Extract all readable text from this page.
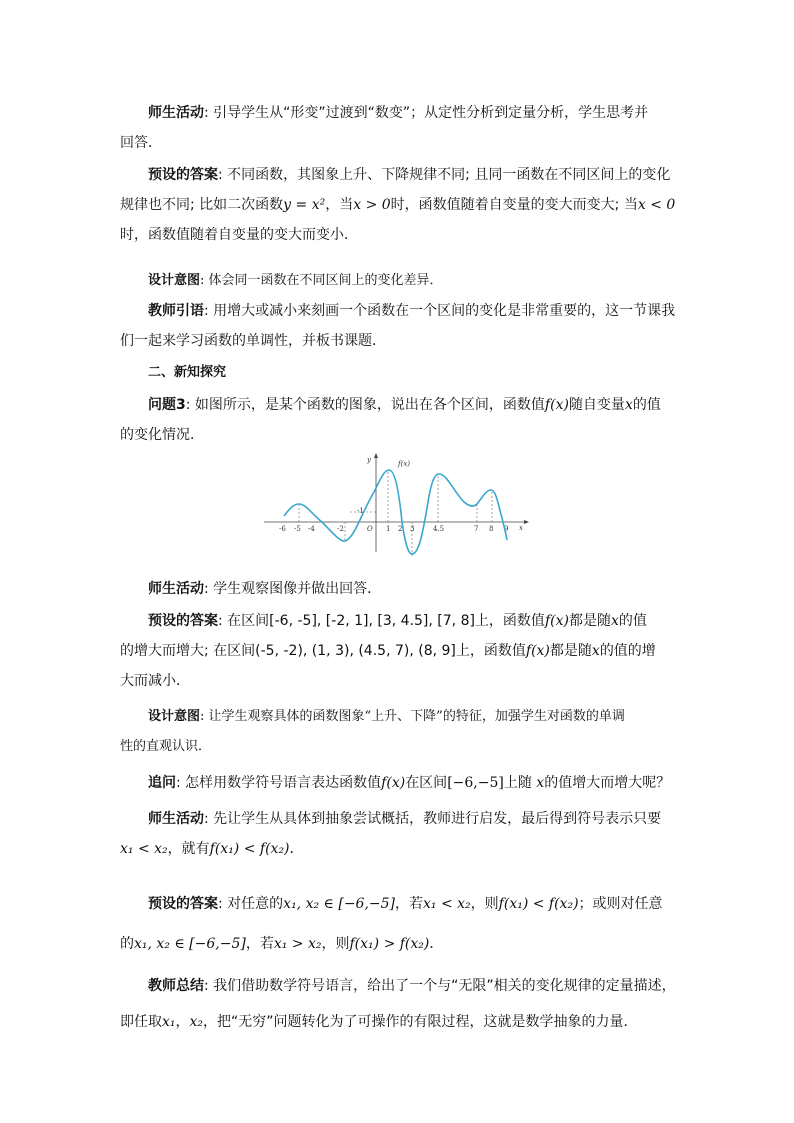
师生活动: 引导学生从“形变”过渡到“数变”；从定性分析到定量分析，学生思考并
回答．

预设的答案: 不同函数，其图象上升、下降规律不同; 且同一函数在不同区间上的变化
规律也不同; 比如二次函数y = x²，当x > 0时，函数值随着自变量的变大而变大; 当x < 0
时，函数值随着自变量的变大而变小．

设计意图: 体会同一函数在不同区间上的变化差异．

教师引语: 用增大或减小来刻画一个函数在一个区间的变化是非常重要的，这一节课我
们一起来学习函数的单调性，并板书课题．

二、新知探究

问题3: 如图所示，是某个函数的图象，说出在各个区间，函数值f(x)随自变量x的值
的变化情况．

y
x
f(x)
O
-1
-6 -5 -4	-2	1 2 3	4.5	7 8 9

师生活动: 学生观察图像并做出回答．

预设的答案: 在区间[-6, -5], [-2, 1], [3, 4.5], [7, 8]上，函数值f(x)都是随x的值
的增大而增大; 在区间(-5, -2), (1, 3), (4.5, 7), (8, 9]上，函数值f(x)都是随x的值的增
大而减小．

设计意图: 让学生观察具体的函数图象“上升、下降”的特征，加强学生对函数的单调
性的直观认识．

追问: 怎样用数学符号语言表达函数值f(x)在区间[−6,−5]上随 x的值增大而增大呢？

师生活动: 先让学生从具体到抽象尝试概括，教师进行启发，最后得到符号表示只要
x₁ < x₂，就有f(x₁) < f(x₂)．

预设的答案: 对任意的x₁, x₂ ∈ [−6,−5]，若x₁ < x₂，则f(x₁) < f(x₂)；或则对任意
的x₁, x₂ ∈ [−6,−5]，若x₁ > x₂，则f(x₁) > f(x₂)．

教师总结: 我们借助数学符号语言，给出了一个与“无限”相关的变化规律的定量描述，
即任取x₁，x₂，把“无穷”问题转化为了可操作的有限过程，这就是数学抽象的力量．
